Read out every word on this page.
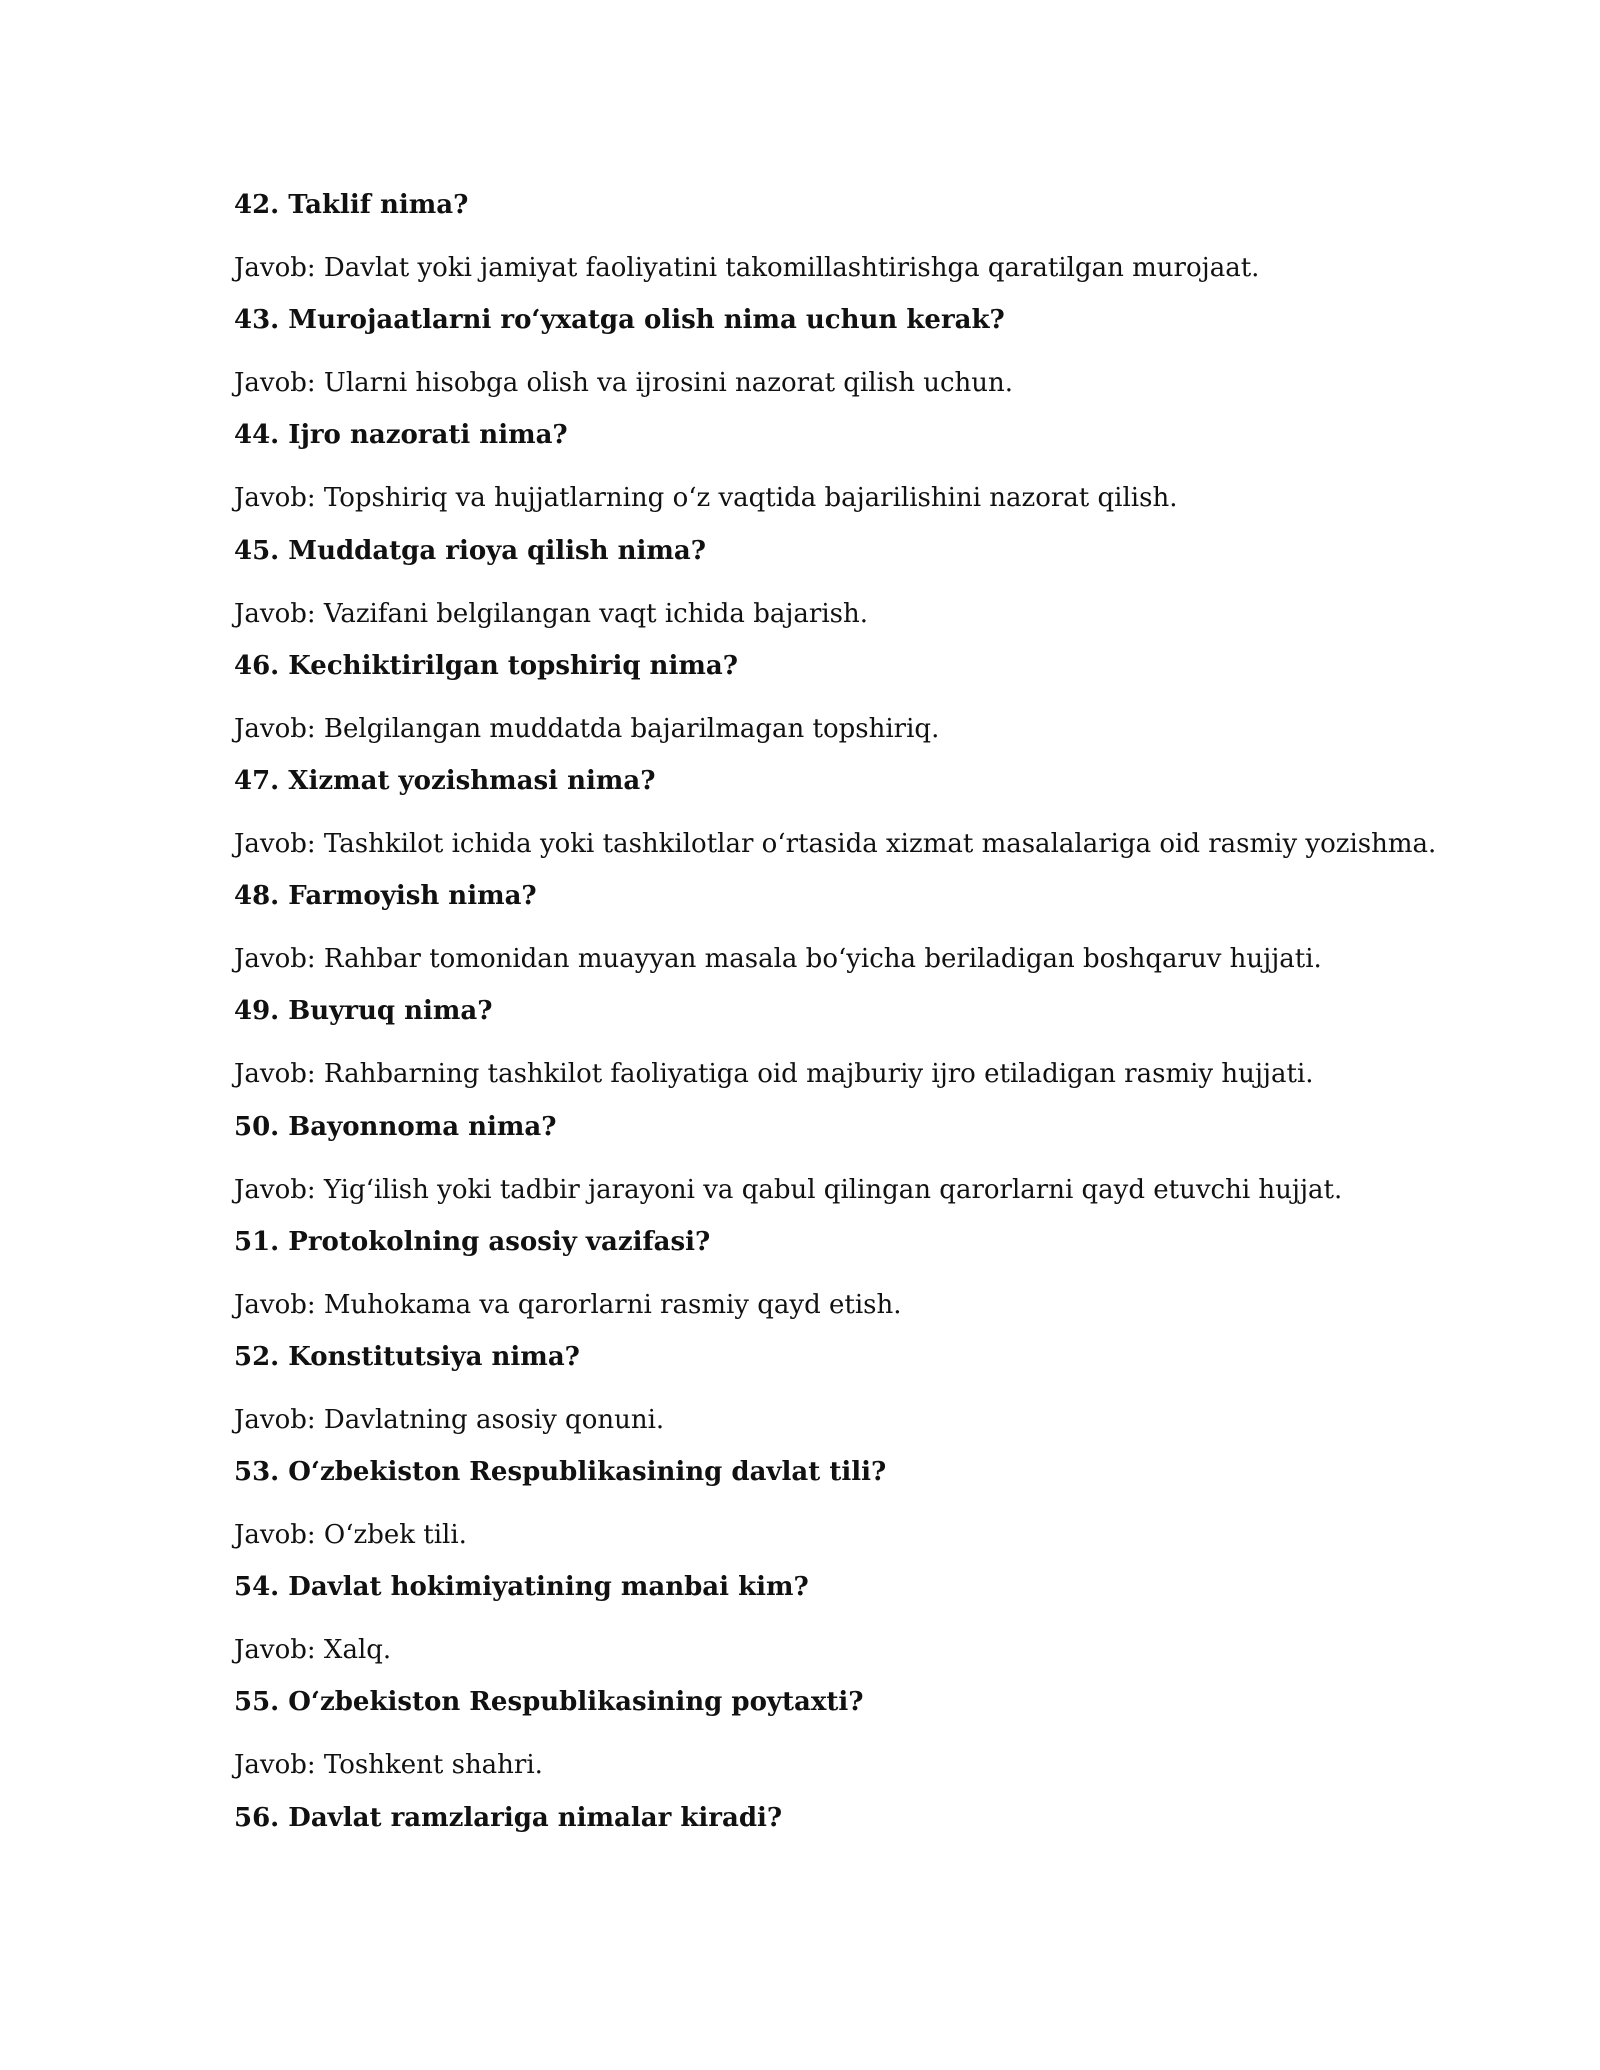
42. Taklif nima?
Javob: Davlat yoki jamiyat faoliyatini takomillashtirishga qaratilgan murojaat.
43. Murojaatlarni ro‘yxatga olish nima uchun kerak?
Javob: Ularni hisobga olish va ijrosini nazorat qilish uchun.
44. Ijro nazorati nima?
Javob: Topshiriq va hujjatlarning o‘z vaqtida bajarilishini nazorat qilish.
45. Muddatga rioya qilish nima?
Javob: Vazifani belgilangan vaqt ichida bajarish.
46. Kechiktirilgan topshiriq nima?
Javob: Belgilangan muddatda bajarilmagan topshiriq.
47. Xizmat yozishmasi nima?
Javob: Tashkilot ichida yoki tashkilotlar o‘rtasida xizmat masalalariga oid rasmiy yozishma.
48. Farmoyish nima?
Javob: Rahbar tomonidan muayyan masala bo‘yicha beriladigan boshqaruv hujjati.
49. Buyruq nima?
Javob: Rahbarning tashkilot faoliyatiga oid majburiy ijro etiladigan rasmiy hujjati.
50. Bayonnoma nima?
Javob: Yig‘ilish yoki tadbir jarayoni va qabul qilingan qarorlarni qayd etuvchi hujjat.
51. Protokolning asosiy vazifasi?
Javob: Muhokama va qarorlarni rasmiy qayd etish.
52. Konstitutsiya nima?
Javob: Davlatning asosiy qonuni.
53. O‘zbekiston Respublikasining davlat tili?
Javob: O‘zbek tili.
54. Davlat hokimiyatining manbai kim?
Javob: Xalq.
55. O‘zbekiston Respublikasining poytaxti?
Javob: Toshkent shahri.
56. Davlat ramzlariga nimalar kiradi?
